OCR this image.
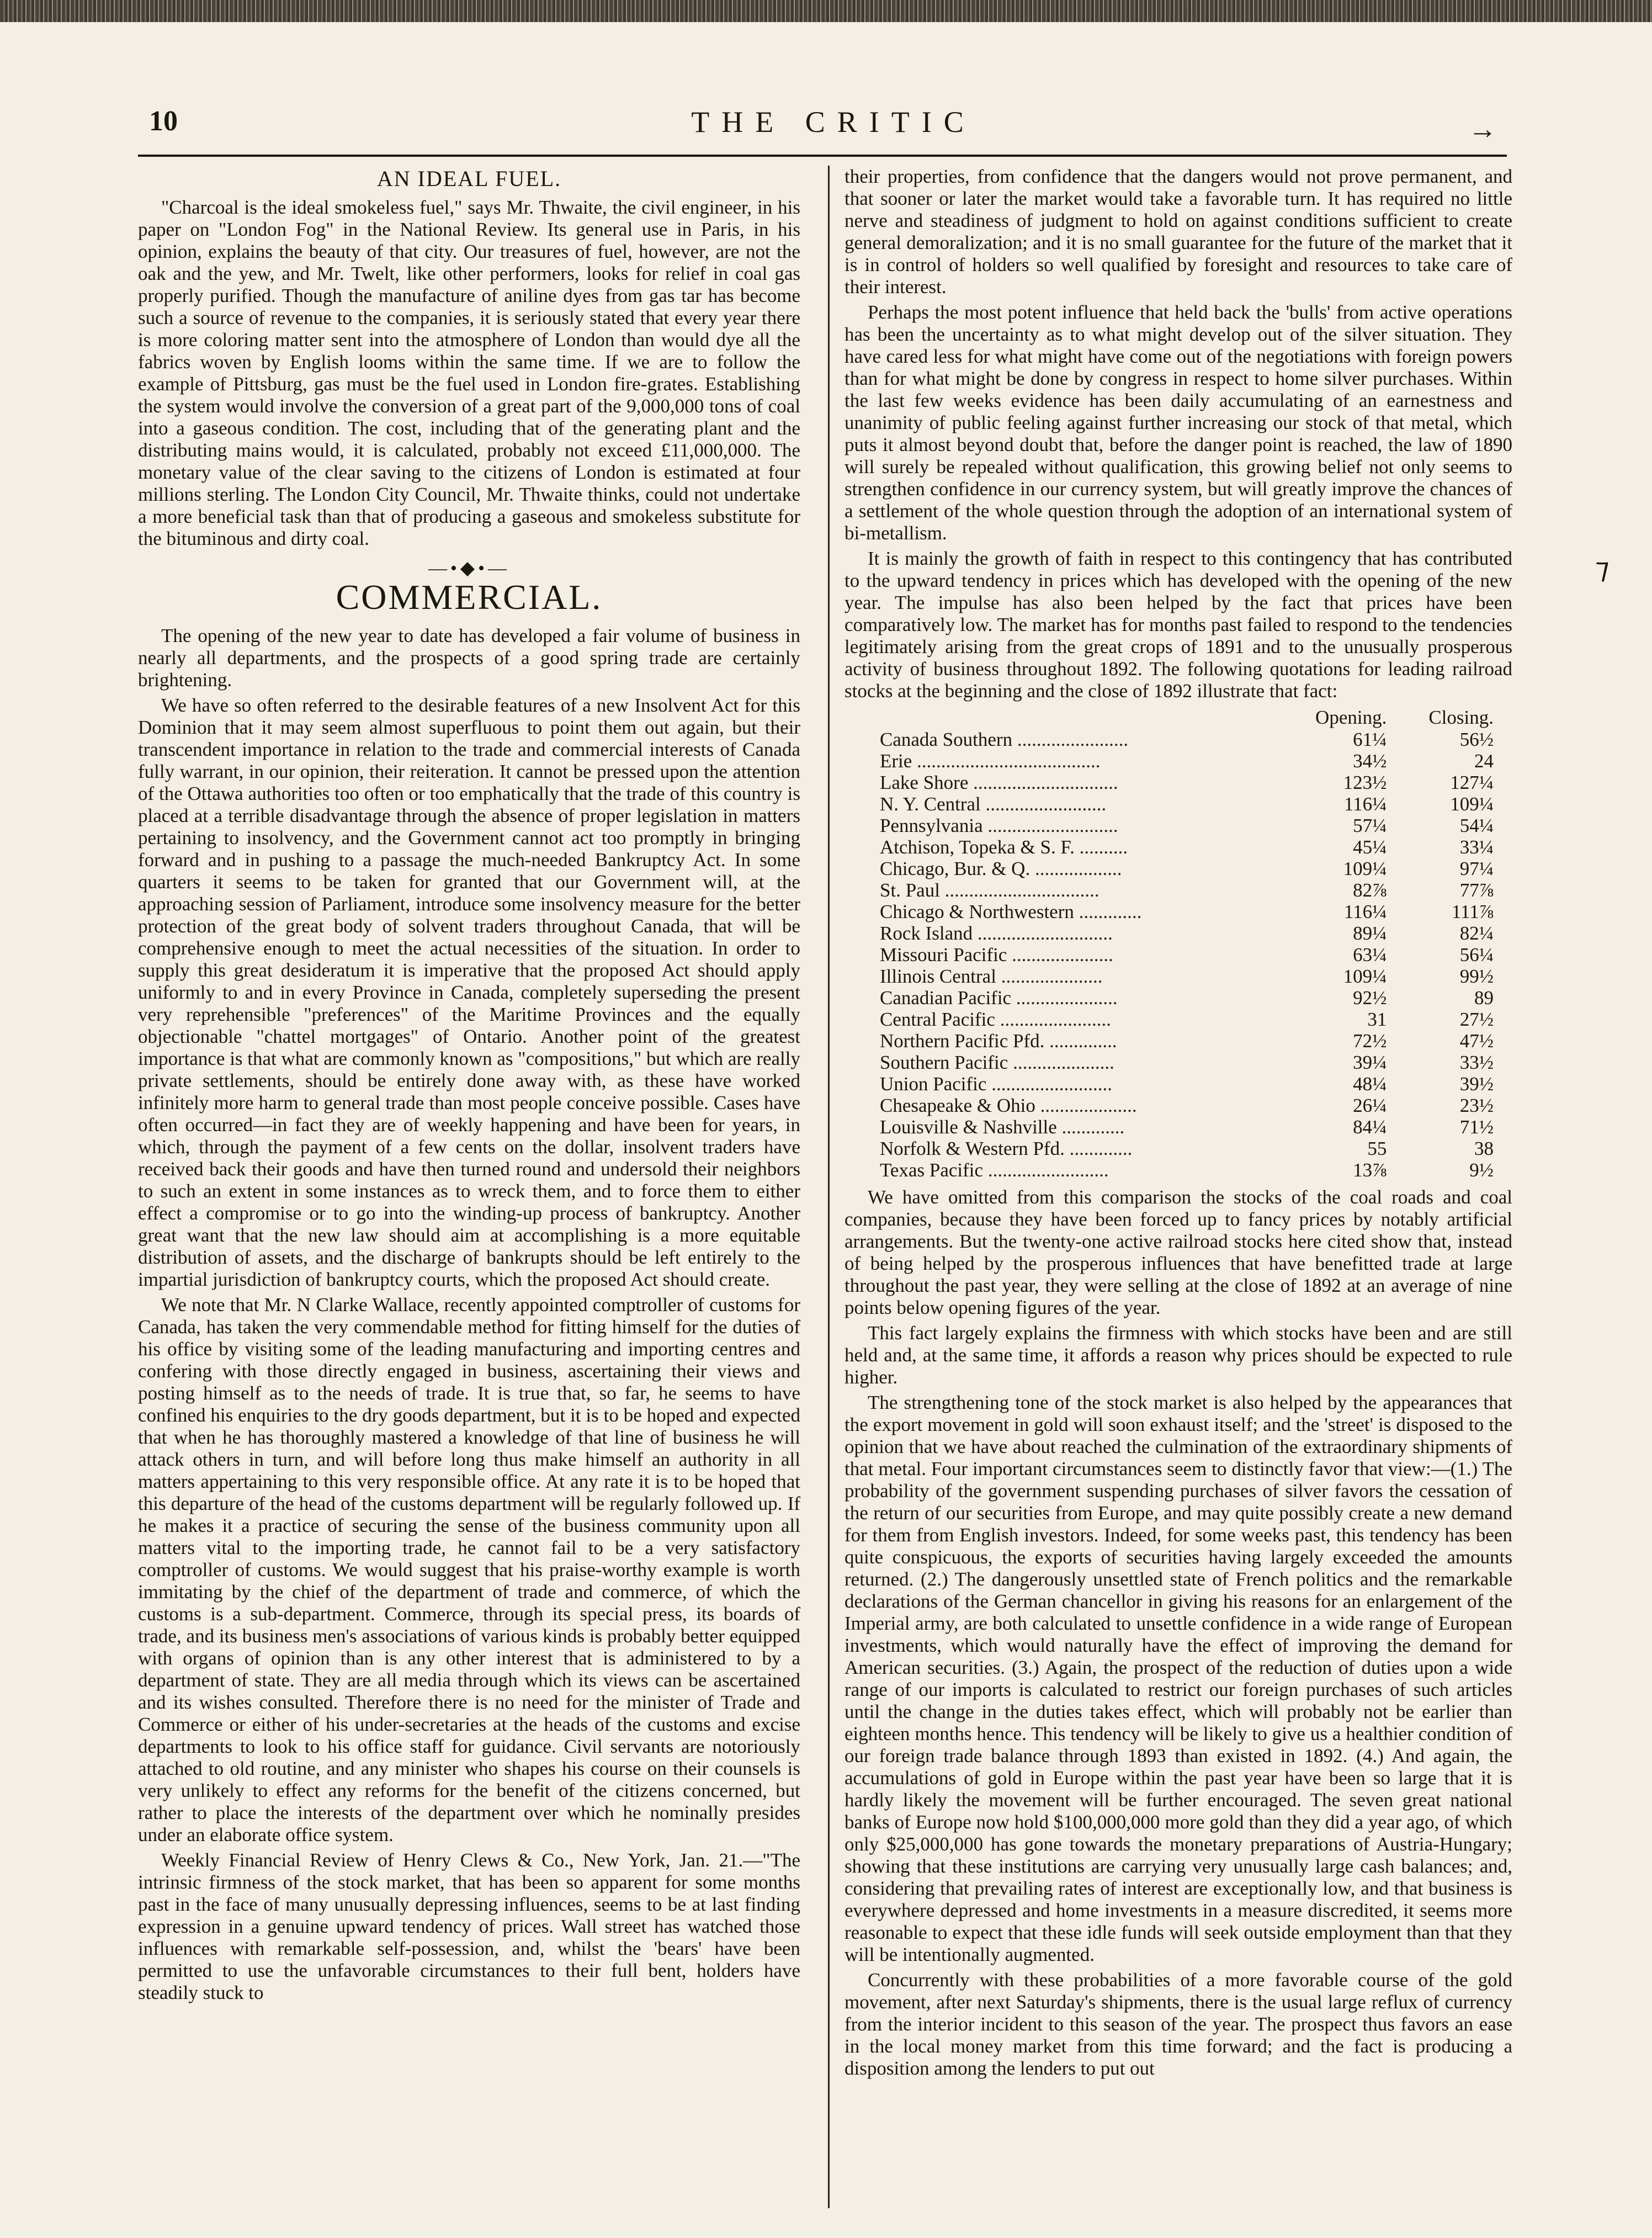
10	THE CRITIC	→
AN IDEAL FUEL.

"Charcoal is the ideal smokeless fuel," says Mr. Thwaite, the civil engineer, in his paper on "London Fog" in the National Review. Its general use in Paris, in his opinion, explains the beauty of that city. Our treasures of fuel, however, are not the oak and the yew, and Mr. Twelt, like other performers, looks for relief in coal gas properly purified. Though the manufacture of aniline dyes from gas tar has become such a source of revenue to the companies, it is seriously stated that every year there is more coloring matter sent into the atmosphere of London than would dye all the fabrics woven by English looms within the same time. If we are to follow the example of Pittsburg, gas must be the fuel used in London fire-grates. Establishing the system would involve the conversion of a great part of the 9,000,000 tons of coal into a gaseous condition. The cost, including that of the generating plant and the distributing mains would, it is calculated, probably not exceed £11,000,000. The monetary value of the clear saving to the citizens of London is estimated at four millions sterling. The London City Council, Mr. Thwaite thinks, could not undertake a more beneficial task than that of producing a gaseous and smokeless substitute for the bituminous and dirty coal.

—•◆•—
COMMERCIAL.

The opening of the new year to date has developed a fair volume of business in nearly all departments, and the prospects of a good spring trade are certainly brightening.

We have so often referred to the desirable features of a new Insolvent Act for this Dominion that it may seem almost superfluous to point them out again, but their transcendent importance in relation to the trade and commercial interests of Canada fully warrant, in our opinion, their reiteration. It cannot be pressed upon the attention of the Ottawa authorities too often or too emphatically that the trade of this country is placed at a terrible disadvantage through the absence of proper legislation in matters pertaining to insolvency, and the Government cannot act too promptly in bringing forward and in pushing to a passage the much-needed Bankruptcy Act. In some quarters it seems to be taken for granted that our Government will, at the approaching session of Parliament, introduce some insolvency measure for the better protection of the great body of solvent traders throughout Canada, that will be comprehensive enough to meet the actual necessities of the situation. In order to supply this great desideratum it is imperative that the proposed Act should apply uniformly to and in every Province in Canada, completely superseding the present very reprehensible "preferences" of the Maritime Provinces and the equally objectionable "chattel mortgages" of Ontario. Another point of the greatest importance is that what are commonly known as "compositions," but which are really private settlements, should be entirely done away with, as these have worked infinitely more harm to general trade than most people conceive possible. Cases have often occurred—in fact they are of weekly happening and have been for years, in which, through the payment of a few cents on the dollar, insolvent traders have received back their goods and have then turned round and undersold their neighbors to such an extent in some instances as to wreck them, and to force them to either effect a compromise or to go into the winding-up process of bankruptcy. Another great want that the new law should aim at accomplishing is a more equitable distribution of assets, and the discharge of bankrupts should be left entirely to the impartial jurisdiction of bankruptcy courts, which the proposed Act should create.

We note that Mr. N Clarke Wallace, recently appointed comptroller of customs for Canada, has taken the very commendable method for fitting himself for the duties of his office by visiting some of the leading manufacturing and importing centres and confering with those directly engaged in business, ascertaining their views and posting himself as to the needs of trade. It is true that, so far, he seems to have confined his enquiries to the dry goods department, but it is to be hoped and expected that when he has thoroughly mastered a knowledge of that line of business he will attack others in turn, and will before long thus make himself an authority in all matters appertaining to this very responsible office. At any rate it is to be hoped that this departure of the head of the customs department will be regularly followed up. If he makes it a practice of securing the sense of the business community upon all matters vital to the importing trade, he cannot fail to be a very satisfactory comptroller of customs. We would suggest that his praise-worthy example is worth immitating by the chief of the department of trade and commerce, of which the customs is a sub-department. Commerce, through its special press, its boards of trade, and its business men's associations of various kinds is probably better equipped with organs of opinion than is any other interest that is administered to by a department of state. They are all media through which its views can be ascertained and its wishes consulted. Therefore there is no need for the minister of Trade and Commerce or either of his under-secretaries at the heads of the customs and excise departments to look to his office staff for guidance. Civil servants are notoriously attached to old routine, and any minister who shapes his course on their counsels is very unlikely to effect any reforms for the benefit of the citizens concerned, but rather to place the interests of the department over which he nominally presides under an elaborate office system.

Weekly Financial Review of Henry Clews & Co., New York, Jan. 21.—"The intrinsic firmness of the stock market, that has been so apparent for some months past in the face of many unusually depressing influences, seems to be at last finding expression in a genuine upward tendency of prices. Wall street has watched those influences with remarkable self-possession, and, whilst the 'bears' have been permitted to use the unfavorable circumstances to their full bent, holders have steadily stuck to

their properties, from confidence that the dangers would not prove permanent, and that sooner or later the market would take a favorable turn. It has required no little nerve and steadiness of judgment to hold on against conditions sufficient to create general demoralization; and it is no small guarantee for the future of the market that it is in control of holders so well qualified by foresight and resources to take care of their interest.

Perhaps the most potent influence that held back the 'bulls' from active operations has been the uncertainty as to what might develop out of the silver situation. They have cared less for what might have come out of the negotiations with foreign powers than for what might be done by congress in respect to home silver purchases. Within the last few weeks evidence has been daily accumulating of an earnestness and unanimity of public feeling against further increasing our stock of that metal, which puts it almost beyond doubt that, before the danger point is reached, the law of 1890 will surely be repealed without qualification, this growing belief not only seems to strengthen confidence in our currency system, but will greatly improve the chances of a settlement of the whole question through the adoption of an international system of bi-metallism.

It is mainly the growth of faith in respect to this contingency that has contributed to the upward tendency in prices which has developed with the opening of the new year. The impulse has also been helped by the fact that prices have been comparatively low. The market has for months past failed to respond to the tendencies legitimately arising from the great crops of 1891 and to the unusually prosperous activity of business throughout 1892. The following quotations for leading railroad stocks at the beginning and the close of 1892 illustrate that fact:

	Opening.	Closing.
Canada Southern .......................	61¼	56½
Erie ......................................	34½	24
Lake Shore ..............................	123½	127¼
N. Y. Central .........................	116¼	109¼
Pennsylvania ...........................	57¼	54¼
Atchison, Topeka & S. F. ..........	45¼	33¼
Chicago, Bur. & Q. ..................	109¼	97¼
St. Paul ................................	82⅞	77⅞
Chicago & Northwestern .............	116¼	111⅞
Rock Island ............................	89¼	82¼
Missouri Pacific .....................	63¼	56¼
Illinois Central .....................	109¼	99½
Canadian Pacific .....................	92½	89
Central Pacific .......................	31	27½
Northern Pacific Pfd. ..............	72½	47½
Southern Pacific .....................	39¼	33½
Union Pacific .........................	48¼	39½
Chesapeake & Ohio ....................	26¼	23½
Louisville & Nashville .............	84¼	71½
Norfolk & Western Pfd. .............	55	38
Texas Pacific .........................	13⅞	9½

We have omitted from this comparison the stocks of the coal roads and coal companies, because they have been forced up to fancy prices by notably artificial arrangements. But the twenty-one active railroad stocks here cited show that, instead of being helped by the prosperous influences that have benefitted trade at large throughout the past year, they were selling at the close of 1892 at an average of nine points below opening figures of the year.

This fact largely explains the firmness with which stocks have been and are still held and, at the same time, it affords a reason why prices should be expected to rule higher.

The strengthening tone of the stock market is also helped by the appearances that the export movement in gold will soon exhaust itself; and the 'street' is disposed to the opinion that we have about reached the culmination of the extraordinary shipments of that metal. Four important circumstances seem to distinctly favor that view:—(1.) The probability of the government suspending purchases of silver favors the cessation of the return of our securities from Europe, and may quite possibly create a new demand for them from English investors. Indeed, for some weeks past, this tendency has been quite conspicuous, the exports of securities having largely exceeded the amounts returned. (2.) The dangerously unsettled state of French politics and the remarkable declarations of the German chancellor in giving his reasons for an enlargement of the Imperial army, are both calculated to unsettle confidence in a wide range of European investments, which would naturally have the effect of improving the demand for American securities. (3.) Again, the prospect of the reduction of duties upon a wide range of our imports is calculated to restrict our foreign purchases of such articles until the change in the duties takes effect, which will probably not be earlier than eighteen months hence. This tendency will be likely to give us a healthier condition of our foreign trade balance through 1893 than existed in 1892. (4.) And again, the accumulations of gold in Europe within the past year have been so large that it is hardly likely the movement will be further encouraged. The seven great national banks of Europe now hold $100,000,000 more gold than they did a year ago, of which only $25,000,000 has gone towards the monetary preparations of Austria-Hungary; showing that these institutions are carrying very unusually large cash balances; and, considering that prevailing rates of interest are exceptionally low, and that business is everywhere depressed and home investments in a measure discredited, it seems more reasonable to expect that these idle funds will seek outside employment than that they will be intentionally augmented.

Concurrently with these probabilities of a more favorable course of the gold movement, after next Saturday's shipments, there is the usual large reflux of currency from the interior incident to this season of the year. The prospect thus favors an ease in the local money market from this time forward; and the fact is producing a disposition among the lenders to put out

⁊
